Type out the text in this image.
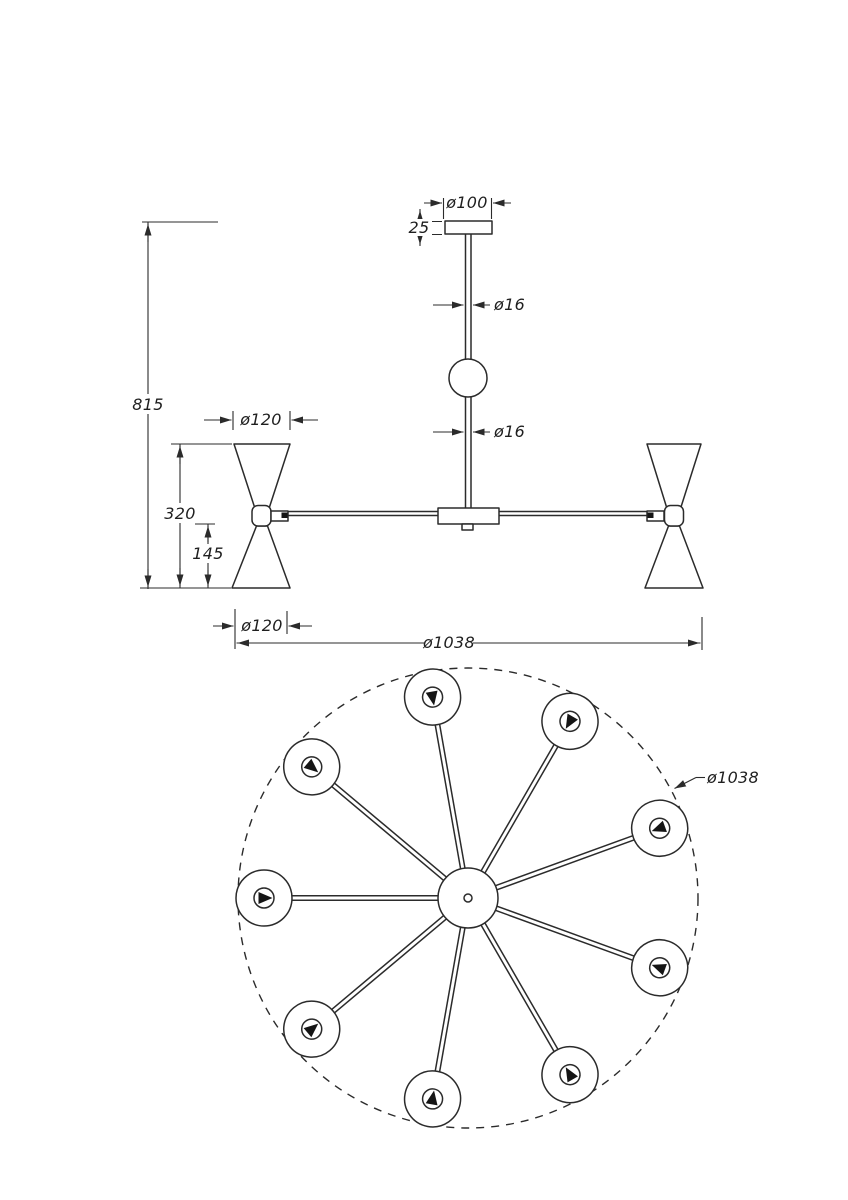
ø100
25
ø16
ø16
815
ø120
320
145
ø120
ø1038
ø1038
